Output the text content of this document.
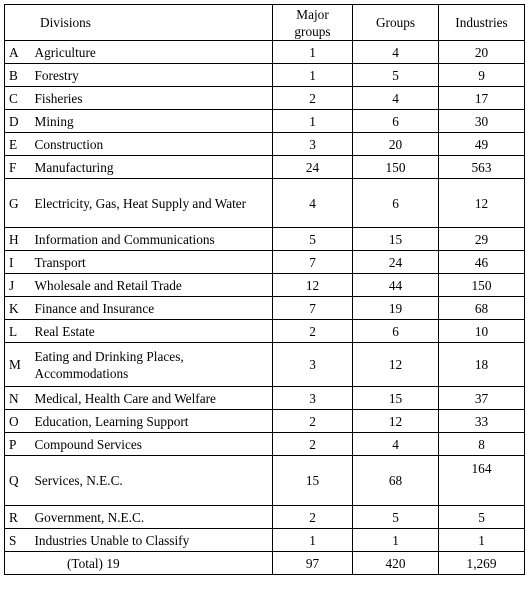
Divisions		Major groups	Groups	Industries
A	Agriculture	1	4	20
B	Forestry	1	5	9
C	Fisheries	2	4	17
D	Mining	1	6	30
E	Construction	3	20	49
F	Manufacturing	24	150	563
G	Electricity, Gas, Heat Supply and Water	4	6	12
H	Information and Communications	5	15	29
I	Transport	7	24	46
J	Wholesale and Retail Trade	12	44	150
K	Finance and Insurance	7	19	68
L	Real Estate	2	6	10
M	Eating and Drinking Places, Accommodations	3	12	18
N	Medical, Health Care and Welfare	3	15	37
O	Education, Learning Support	2	12	33
P	Compound Services	2	4	8
Q	Services, N.E.C.	15	68	164
R	Government, N.E.C.	2	5	5
S	Industries Unable to Classify	1	1	1
(Total) 19		97	420	1,269
